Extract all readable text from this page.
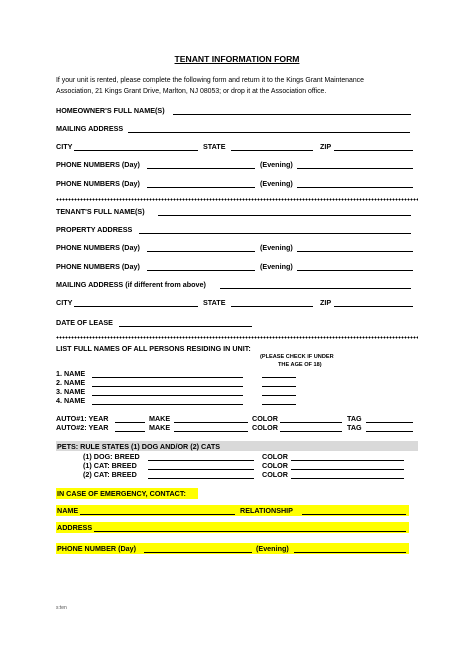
TENANT INFORMATION FORM
If your unit is rented, please complete the following form and return it to the Kings Grant Maintenance
Association, 21 Kings Grant Drive, Marlton, NJ 08053; or drop it at the Association office.
HOMEOWNER'S FULL NAME(S)
MAILING ADDRESS
CITY	STATE	ZIP
PHONE NUMBERS (Day)	(Evening)
PHONE NUMBERS (Day)	(Evening)
TENANT'S FULL NAME(S)
PROPERTY ADDRESS
PHONE NUMBERS (Day)	(Evening)
PHONE NUMBERS (Day)	(Evening)
MAILING ADDRESS (if different from above)
CITY	STATE	ZIP
DATE OF LEASE
LIST FULL NAMES OF ALL PERSONS RESIDING IN UNIT:
(PLEASE CHECK IF UNDER
THE AGE OF 18)
1. NAME
2. NAME
3. NAME
4. NAME
AUTO#1: YEAR	MAKE	COLOR	TAG
AUTO#2: YEAR	MAKE	COLOR	TAG
PETS: RULE STATES (1) DOG AND/OR (2) CATS
(1) DOG: BREED	COLOR
(1) CAT: BREED	COLOR
(2) CAT: BREED	COLOR
IN CASE OF EMERGENCY, CONTACT:
NAME	RELATIONSHIP
ADDRESS
PHONE NUMBER (Day)	(Evening)
s:ten
